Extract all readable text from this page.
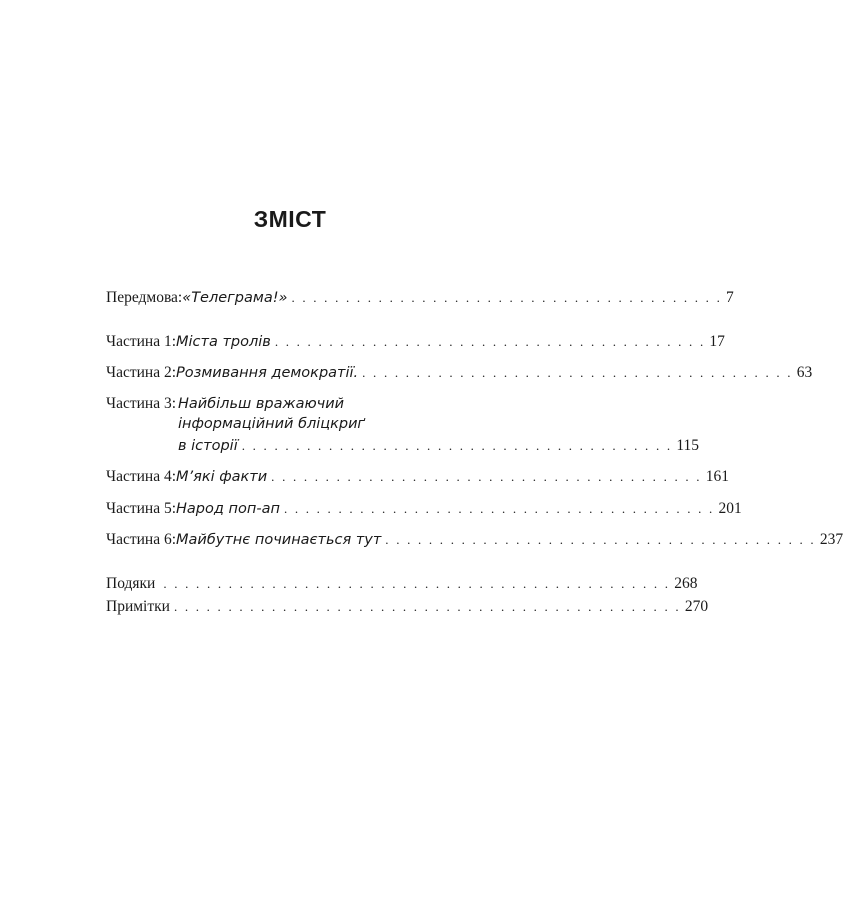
ЗМІСТ
Передмова: «Телеграма!» . . . . . . . . . . . . . . . . . . . . . . . . . . . . . . . . . . . . . . . . 7
Частина 1: Міста тролів . . . . . . . . . . . . . . . . . . . . . . . . . . . . . . . . . . . . . . . . 17
Частина 2: Розмивання демократії. . . . . . . . . . . . . . . . . . . . . . . . . . . . . . . . . . . . . . . . . 63
Частина 3: Найбільш вражаючий
інформаційний бліцкриґ
в історії . . . . . . . . . . . . . . . . . . . . . . . . . . . . . . . . . . . . . . . . 115
Частина 4: М’які факти . . . . . . . . . . . . . . . . . . . . . . . . . . . . . . . . . . . . . . . . 161
Частина 5: Народ поп-ап . . . . . . . . . . . . . . . . . . . . . . . . . . . . . . . . . . . . . . . . 201
Частина 6: Майбутнє починається тут . . . . . . . . . . . . . . . . . . . . . . . . . . . . . . . . . . . . . . . . 237
Подяки . . . . . . . . . . . . . . . . . . . . . . . . . . . . . . . . . . . . . . . . . . . . . . . 268
Примітки . . . . . . . . . . . . . . . . . . . . . . . . . . . . . . . . . . . . . . . . . . . . . . . 270
